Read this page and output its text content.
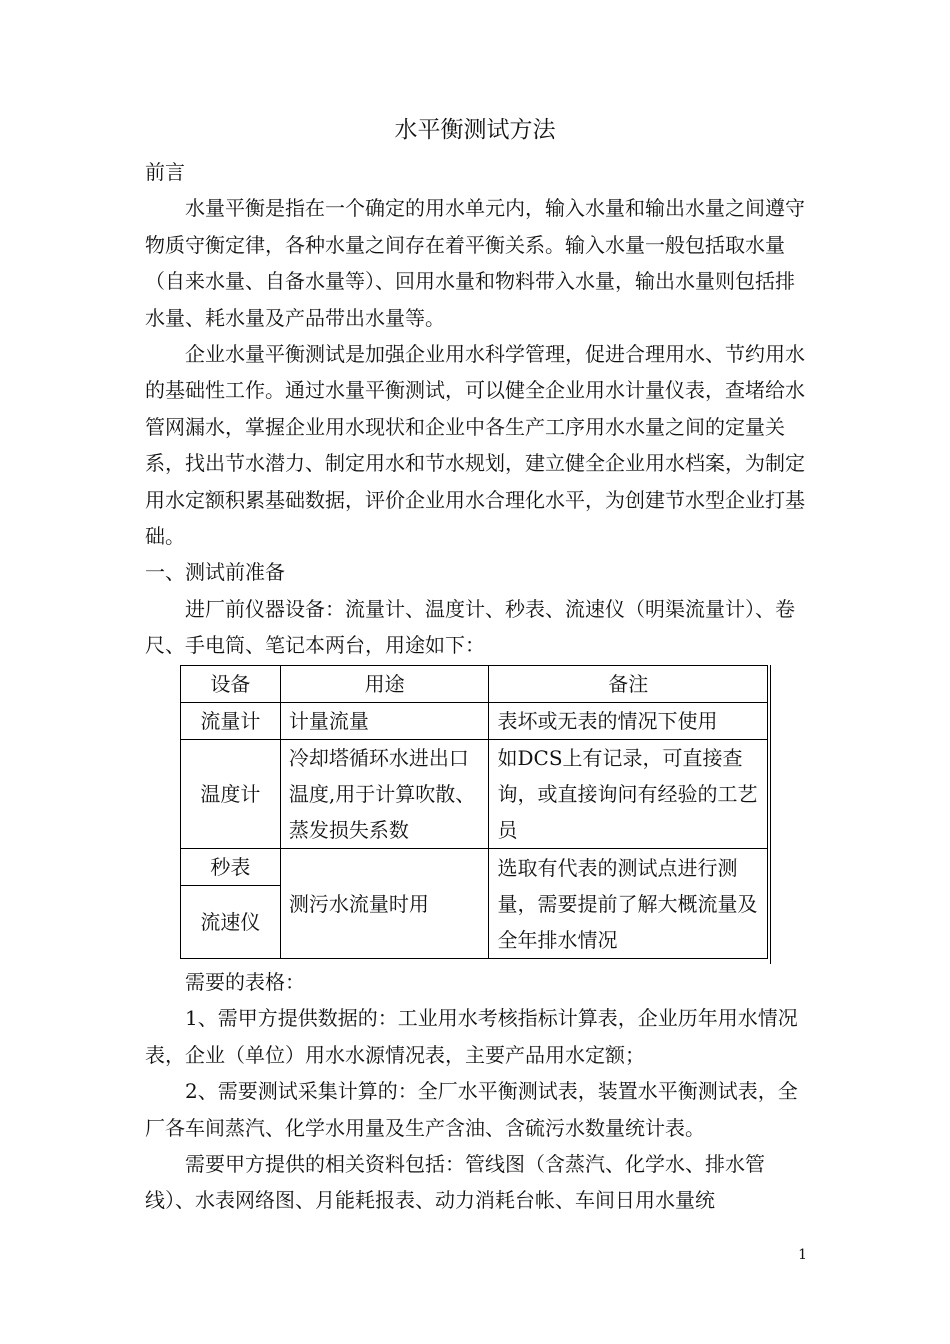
水平衡测试方法

前言

水量平衡是指在一个确定的用水单元内，输入水量和输出水量之间遵守物质守衡定律，各种水量之间存在着平衡关系。输入水量一般包括取水量（自来水量、自备水量等）、回用水量和物料带入水量，输出水量则包括排水量、耗水量及产品带出水量等。

企业水量平衡测试是加强企业用水科学管理，促进合理用水、节约用水的基础性工作。通过水量平衡测试，可以健全企业用水计量仪表，查堵给水管网漏水，掌握企业用水现状和企业中各生产工序用水水量之间的定量关系，找出节水潜力、制定用水和节水规划，建立健全企业用水档案，为制定用水定额积累基础数据，评价企业用水合理化水平，为创建节水型企业打基础。

一、测试前准备

进厂前仪器设备：流量计、温度计、秒表、流速仪（明渠流量计）、卷尺、手电筒、笔记本两台，用途如下：

设备	用途	备注
流量计	计量流量	表坏或无表的情况下使用
温度计	冷却塔循环水进出口温度,用于计算吹散、蒸发损失系数	如DCS上有记录，可直接查询，或直接询问有经验的工艺员
秒表	测污水流量时用	选取有代表的测试点进行测量，需要提前了解大概流量及全年排水情况
流速仪		

需要的表格：

1、需甲方提供数据的：工业用水考核指标计算表，企业历年用水情况表，企业（单位）用水水源情况表，主要产品用水定额；

2、需要测试采集计算的：全厂水平衡测试表，装置水平衡测试表，全厂各车间蒸汽、化学水用量及生产含油、含硫污水数量统计表。

需要甲方提供的相关资料包括：管线图（含蒸汽、化学水、排水管线）、水表网络图、月能耗报表、动力消耗台帐、车间日用水量统

1
